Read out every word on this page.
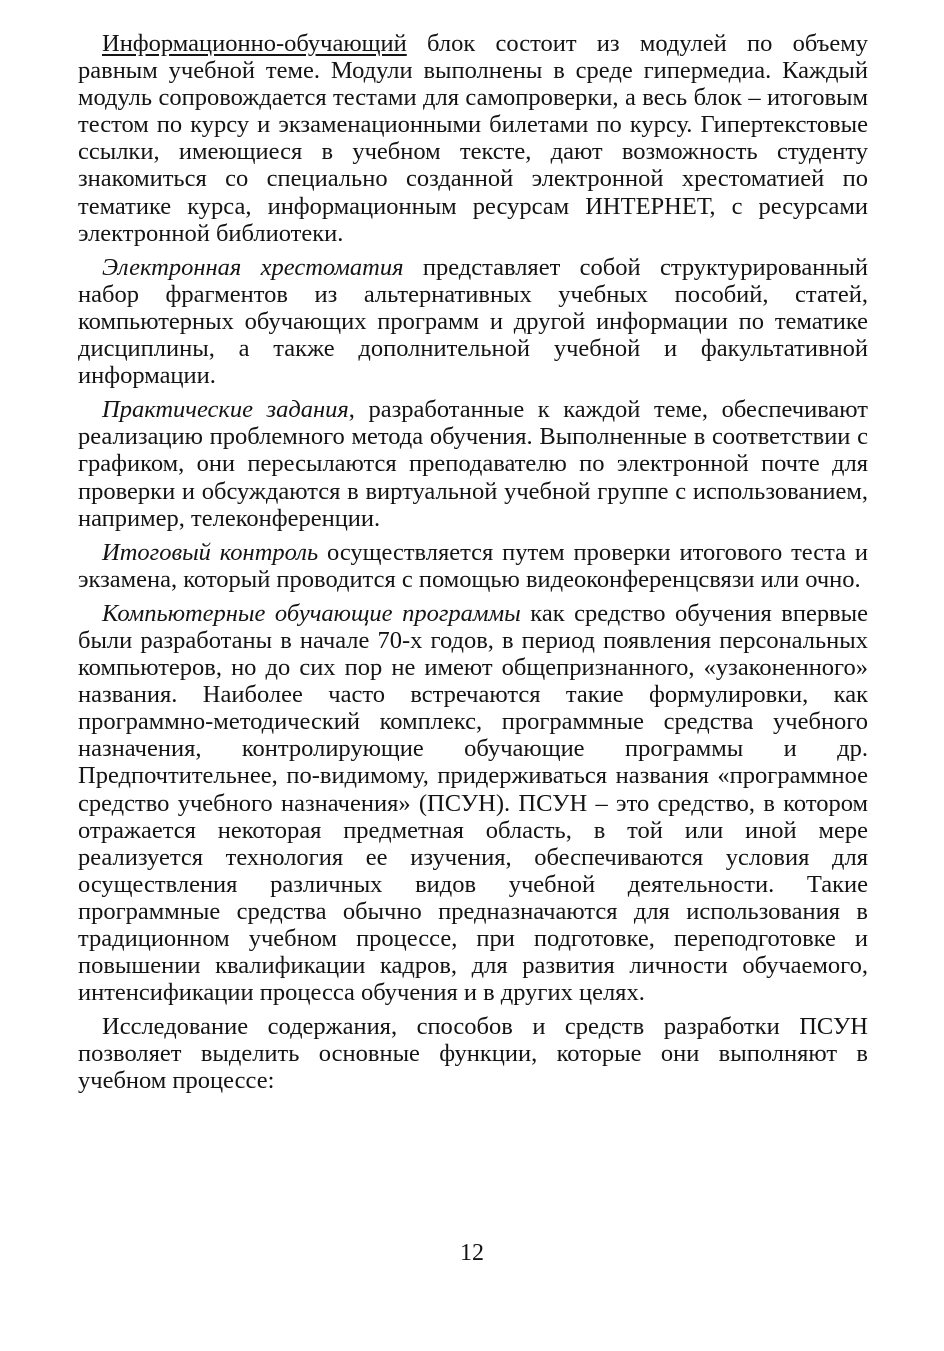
Информационно-обучающий блок состоит из модулей по объему равным учебной теме. Модули выполнены в среде гипермедиа. Каждый модуль сопровождается тестами для самопроверки, а весь блок – итоговым тестом по курсу и экзаменационными билетами по курсу. Гипертекстовые ссылки, имеющиеся в учебном тексте, дают возможность студенту знакомиться со специально созданной электронной хрестоматией по тематике курса, информационным ресурсам ИНТЕРНЕТ, с ресурсами электронной библиотеки.

Электронная хрестоматия представляет собой структурированный набор фрагментов из альтернативных учебных пособий, статей, компьютерных обучающих программ и другой информации по тематике дисциплины, а также дополнительной учебной и факультативной информации.

Практические задания, разработанные к каждой теме, обеспечивают реализацию проблемного метода обучения. Выполненные в соответствии с графиком, они пересылаются преподавателю по электронной почте для проверки и обсуждаются в виртуальной учебной группе с использованием, например, телеконференции.

Итоговый контроль осуществляется путем проверки итогового теста и экзамена, который проводится с помощью видеоконференцсвязи или очно.

Компьютерные обучающие программы как средство обучения впервые были разработаны в начале 70-х годов, в период появления персональных компьютеров, но до сих пор не имеют общепризнанного, «узаконенного» названия. Наиболее часто встречаются такие формулировки, как программно-методический комплекс, программные средства учебного назначения, контролирующие обучающие программы и др. Предпочтительнее, по-видимому, придерживаться названия «программное средство учебного назначения» (ПСУН). ПСУН – это средство, в котором отражается некоторая предметная область, в той или иной мере реализуется технология ее изучения, обеспечиваются условия для осуществления различных видов учебной деятельности. Такие программные средства обычно предназначаются для использования в традиционном учебном процессе, при подготовке, переподготовке и повышении квалификации кадров, для развития личности обучаемого, интенсификации процесса обучения и в других целях.

Исследование содержания, способов и средств разработки ПСУН позволяет выделить основные функции, которые они выполняют в учебном процессе:

12
